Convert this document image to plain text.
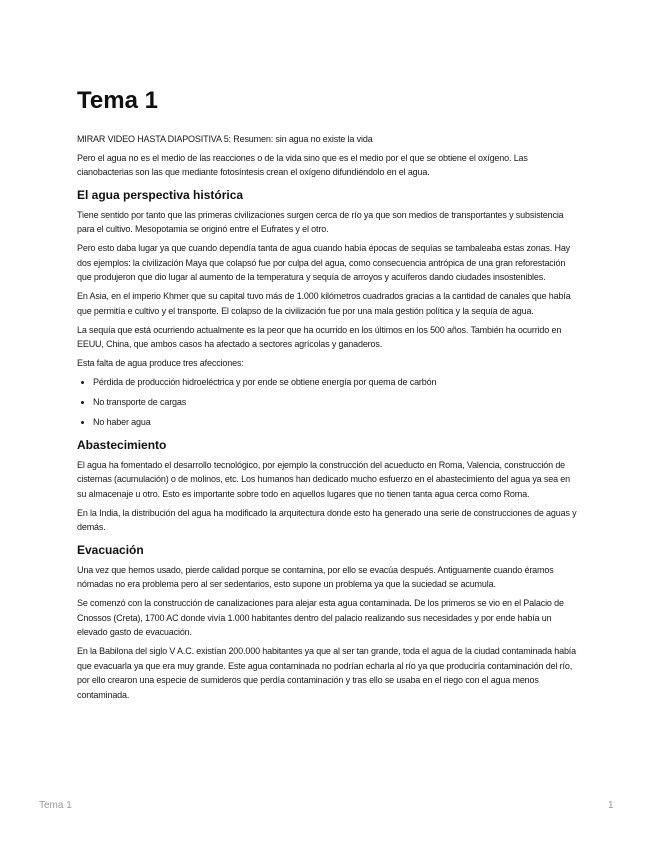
Tema 1

MIRAR VIDEO HASTA DIAPOSITIVA 5: Resumen: sin agua no existe la vida

Pero el agua no es el medio de las reacciones o de la vida sino que es el medio por el que se obtiene el oxígeno. Las cianobacterias son las que mediante fotosíntesis crean el oxígeno difundiéndolo en el agua.

El agua perspectiva histórica

Tiene sentido por tanto que las primeras civilizaciones surgen cerca de río ya que son medios de transportantes y subsistencia para el cultivo. Mesopotamia se originó entre el Eufrates y el otro.

Pero esto daba lugar ya que cuando dependía tanta de agua cuando había épocas de sequías se tambaleaba estas zonas. Hay dos ejemplos: la civilización Maya que colapsó fue por culpa del agua, como consecuencia antrópica de una gran reforestación que produjeron que dio lugar al aumento de la temperatura y sequía de arroyos y acuíferos dando ciudades insostenibles.

En Asia, en el imperio Khmer que su capital tuvo más de 1.000 kilómetros cuadrados gracias a la cantidad de canales que había que permitía e cultivo y el transporte. El colapso de la civilización fue por una mala gestión política y la sequía de agua.

La sequía que está ocurriendo actualmente es la peor que ha ocurrido en los últimos en los 500 años. También ha ocurrido en EEUU, China, que ambos casos ha afectado a sectores agrícolas y ganaderos.

Esta falta de agua produce tres afecciones:

• Pérdida de producción hidroeléctrica y por ende se obtiene energía por quema de carbón
• No transporte de cargas
• No haber agua
Abastecimiento

El agua ha fomentado el desarrollo tecnológico, por ejemplo la construcción del acueducto en Roma, Valencia, construcción de cisternas (acumulación) o de molinos, etc. Los humanos han dedicado mucho esfuerzo en el abastecimiento del agua ya sea en su almacenaje u otro. Esto es importante sobre todo en aquellos lugares que no tienen tanta agua cerca como Roma.

En la India, la distribución del agua ha modificado la arquitectura donde esto ha generado una serie de construcciones de aguas y demás.

Evacuación

Una vez que hemos usado, pierde calidad porque se contamina, por ello se evacúa después. Antiguamente cuando éramos nómadas no era problema pero al ser sedentarios, esto supone un problema ya que la suciedad se acumula.

Se comenzó con la construcción de canalizaciones para alejar esta agua contaminada. De los primeros se vio en el Palacio de Cnossos (Creta), 1700 AC donde vivía 1.000 habitantes dentro del palacio realizando sus necesidades y por ende había un elevado gasto de evacuación.

En la Babilona del siglo V A.C. existían 200.000 habitantes ya que al ser tan grande, toda el agua de la ciudad contaminada había que evacuarla ya que era muy grande. Este agua contaminada no podrían echarla al río ya que produciría contaminación del río, por ello crearon una especie de sumideros que perdía contaminación y tras ello se usaba en el riego con el agua menos contaminada.

Tema 1	1
